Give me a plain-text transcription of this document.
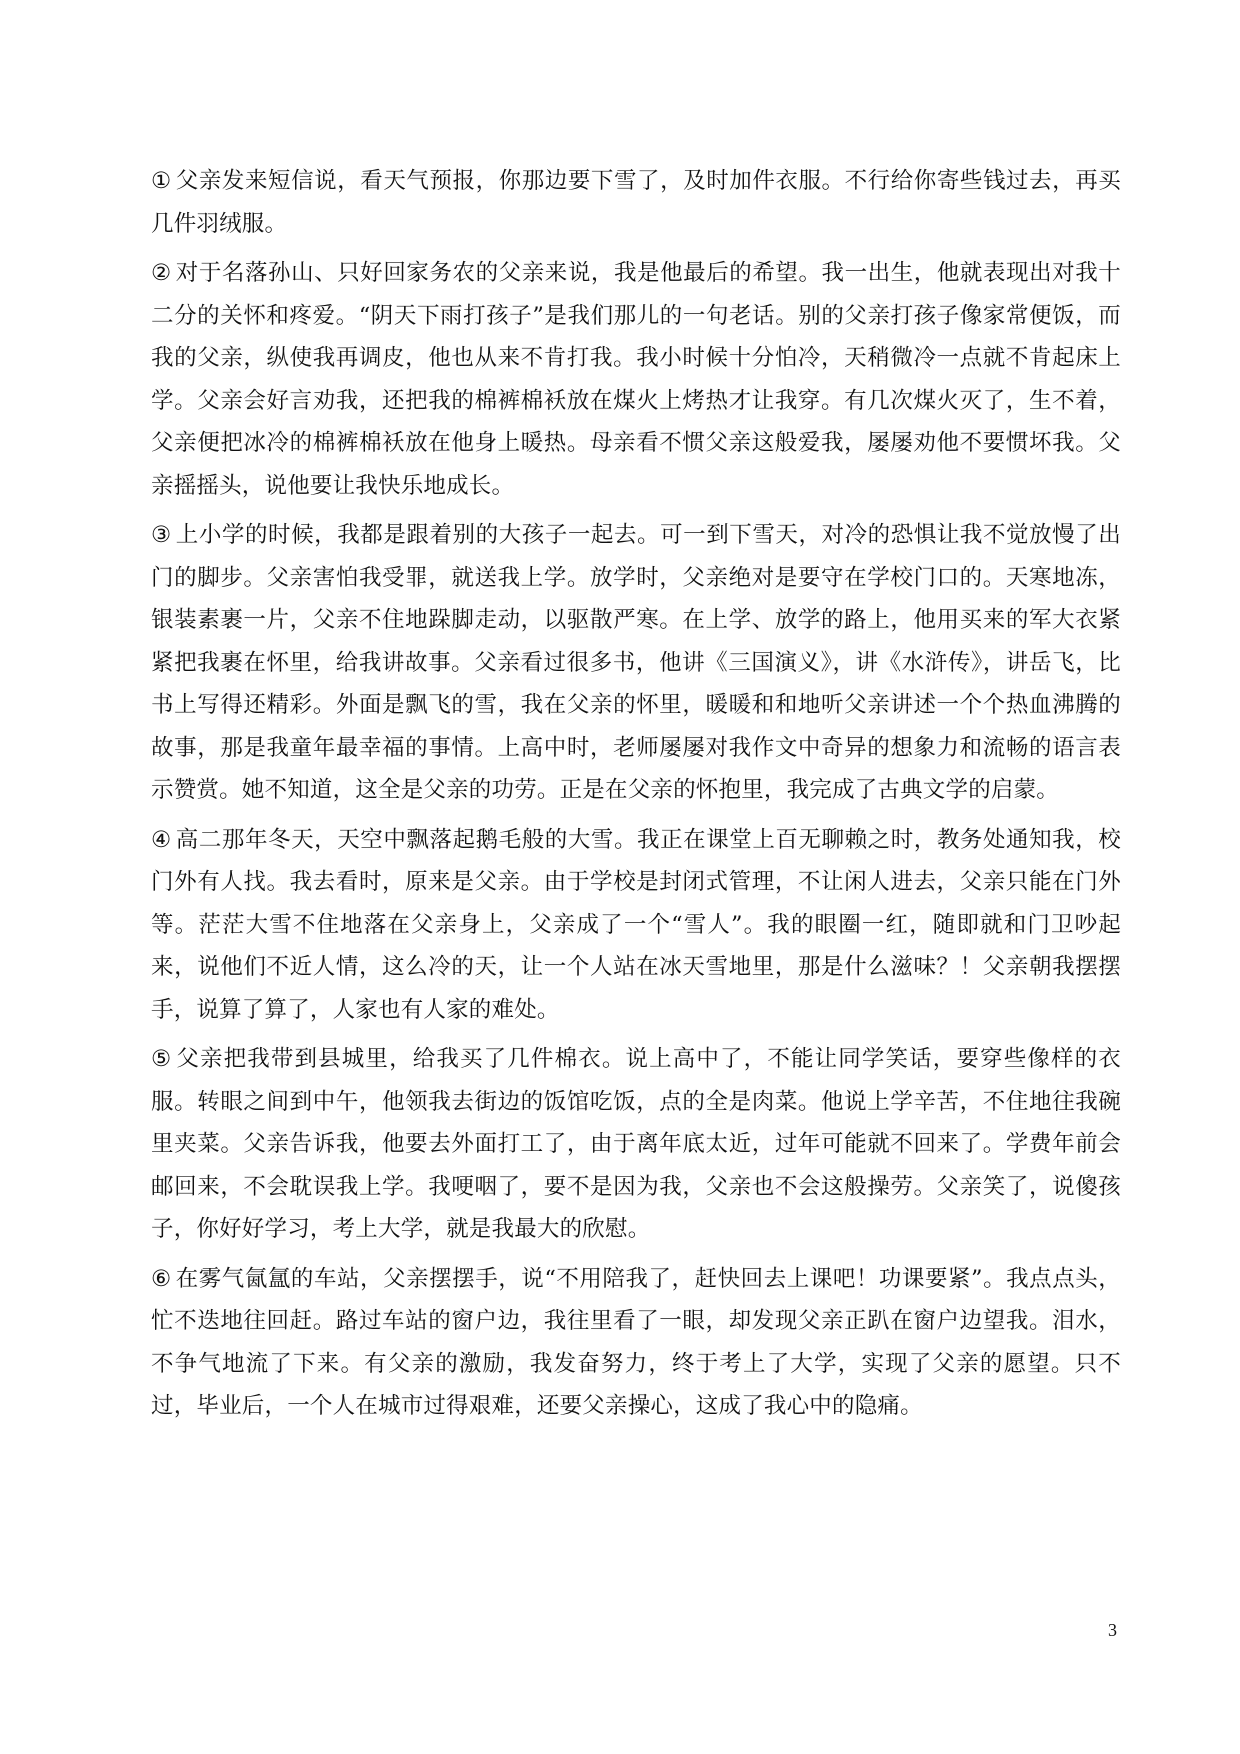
① 父亲发来短信说，看天气预报，你那边要下雪了，及时加件衣服。不行给你寄些钱过去，再买几件羽绒服。

② 对于名落孙山、只好回家务农的父亲来说，我是他最后的希望。我一出生，他就表现出对我十二分的关怀和疼爱。“阴天下雨打孩子”是我们那儿的一句老话。别的父亲打孩子像家常便饭，而我的父亲，纵使我再调皮，他也从来不肯打我。我小时候十分怕冷，天稍微冷一点就不肯起床上学。父亲会好言劝我，还把我的棉裤棉袄放在煤火上烤热才让我穿。有几次煤火灭了，生不着，父亲便把冰冷的棉裤棉袄放在他身上暖热。母亲看不惯父亲这般爱我，屡屡劝他不要惯坏我。父亲摇摇头，说他要让我快乐地成长。

③ 上小学的时候，我都是跟着别的大孩子一起去。可一到下雪天，对冷的恐惧让我不觉放慢了出门的脚步。父亲害怕我受罪，就送我上学。放学时，父亲绝对是要守在学校门口的。天寒地冻，银装素裹一片，父亲不住地跺脚走动，以驱散严寒。在上学、放学的路上，他用买来的军大衣紧紧把我裹在怀里，给我讲故事。父亲看过很多书，他讲《三国演义》，讲《水浒传》，讲岳飞，比书上写得还精彩。外面是飘飞的雪，我在父亲的怀里，暖暖和和地听父亲讲述一个个热血沸腾的故事，那是我童年最幸福的事情。上高中时，老师屡屡对我作文中奇异的想象力和流畅的语言表示赞赏。她不知道，这全是父亲的功劳。正是在父亲的怀抱里，我完成了古典文学的启蒙。

④ 高二那年冬天，天空中飘落起鹅毛般的大雪。我正在课堂上百无聊赖之时，教务处通知我，校门外有人找。我去看时，原来是父亲。由于学校是封闭式管理，不让闲人进去，父亲只能在门外等。茫茫大雪不住地落在父亲身上，父亲成了一个“雪人”。我的眼圈一红，随即就和门卫吵起来，说他们不近人情，这么冷的天，让一个人站在冰天雪地里，那是什么滋味？！父亲朝我摆摆手，说算了算了，人家也有人家的难处。

⑤ 父亲把我带到县城里，给我买了几件棉衣。说上高中了，不能让同学笑话，要穿些像样的衣服。转眼之间到中午，他领我去街边的饭馆吃饭，点的全是肉菜。他说上学辛苦，不住地往我碗里夹菜。父亲告诉我，他要去外面打工了，由于离年底太近，过年可能就不回来了。学费年前会邮回来，不会耽误我上学。我哽咽了，要不是因为我，父亲也不会这般操劳。父亲笑了，说傻孩子，你好好学习，考上大学，就是我最大的欣慰。

⑥ 在雾气氤氲的车站，父亲摆摆手，说“不用陪我了，赶快回去上课吧！功课要紧”。我点点头，忙不迭地往回赶。路过车站的窗户边，我往里看了一眼，却发现父亲正趴在窗户边望我。泪水，不争气地流了下来。有父亲的激励，我发奋努力，终于考上了大学，实现了父亲的愿望。只不过，毕业后，一个人在城市过得艰难，还要父亲操心，这成了我心中的隐痛。

3
